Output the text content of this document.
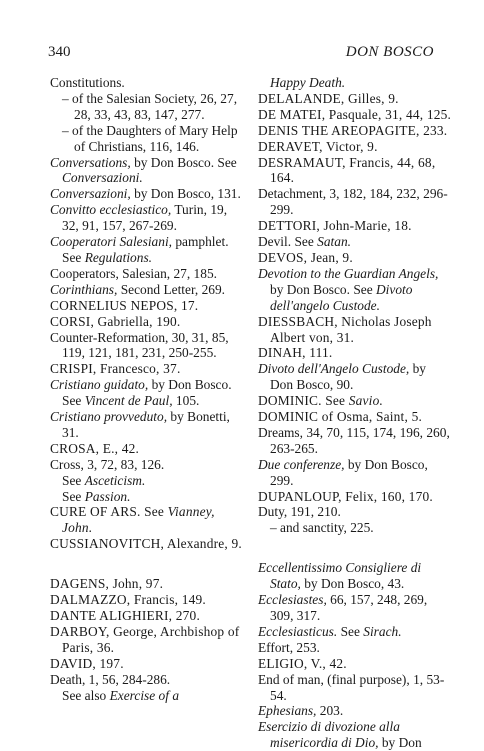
340	DON BOSCO
Constitutions.
– of the Salesian Society, 26, 27, 28, 33, 43, 83, 147, 277.
– of the Daughters of Mary Help of Christians, 116, 146.
Conversations, by Don Bosco. See Conversazioni.
Conversazioni, by Don Bosco, 131.
Convitto ecclesiastico, Turin, 19, 32, 91, 157, 267-269.
Cooperatori Salesiani, pamphlet. See Regulations.
Cooperators, Salesian, 27, 185.
Corinthians, Second Letter, 269.
CORNELIUS NEPOS, 17.
CORSI, Gabriella, 190.
Counter-Reformation, 30, 31, 85, 119, 121, 181, 231, 250-255.
CRISPI, Francesco, 37.
Cristiano guidato, by Don Bosco. See Vincent de Paul, 105.
Cristiano provveduto, by Bonetti, 31.
CROSA, E., 42.
Cross, 3, 72, 83, 126.
See Asceticism.
See Passion.
CURE OF ARS. See Vianney, John.
CUSSIANOVITCH, Alexandre, 9.
DAGENS, John, 97.
DALMAZZO, Francis, 149.
DANTE ALIGHIERI, 270.
DARBOY, George, Archbishop of Paris, 36.
DAVID, 197.
Death, 1, 56, 284-286.
See also Exercise of a
Happy Death.
DELALANDE, Gilles, 9.
DE MATEI, Pasquale, 31, 44, 125.
DENIS THE AREOPAGITE, 233.
DERAVET, Victor, 9.
DESRAMAUT, Francis, 44, 68, 164.
Detachment, 3, 182, 184, 232, 296-299.
DETTORI, John-Marie, 18.
Devil. See Satan.
DEVOS, Jean, 9.
Devotion to the Guardian Angels, by Don Bosco. See Divoto dell'angelo Custode.
DIESSBACH, Nicholas Joseph Albert von, 31.
DINAH, 111.
Divoto dell'Angelo Custode, by Don Bosco, 90.
DOMINIC. See Savio.
DOMINIC of Osma, Saint, 5.
Dreams, 34, 70, 115, 174, 196, 260, 263-265.
Due conferenze, by Don Bosco, 299.
DUPANLOUP, Felix, 160, 170.
Duty, 191, 210.
– and sanctity, 225.
Eccellentissimo Consigliere di Stato, by Don Bosco, 43.
Ecclesiastes, 66, 157, 248, 269, 309, 317.
Ecclesiasticus. See Sirach.
Effort, 253.
ELIGIO, V., 42.
End of man, (final purpose), 1, 53-54.
Ephesians, 203.
Esercizio di divozione alla misericordia di Dio, by Don
